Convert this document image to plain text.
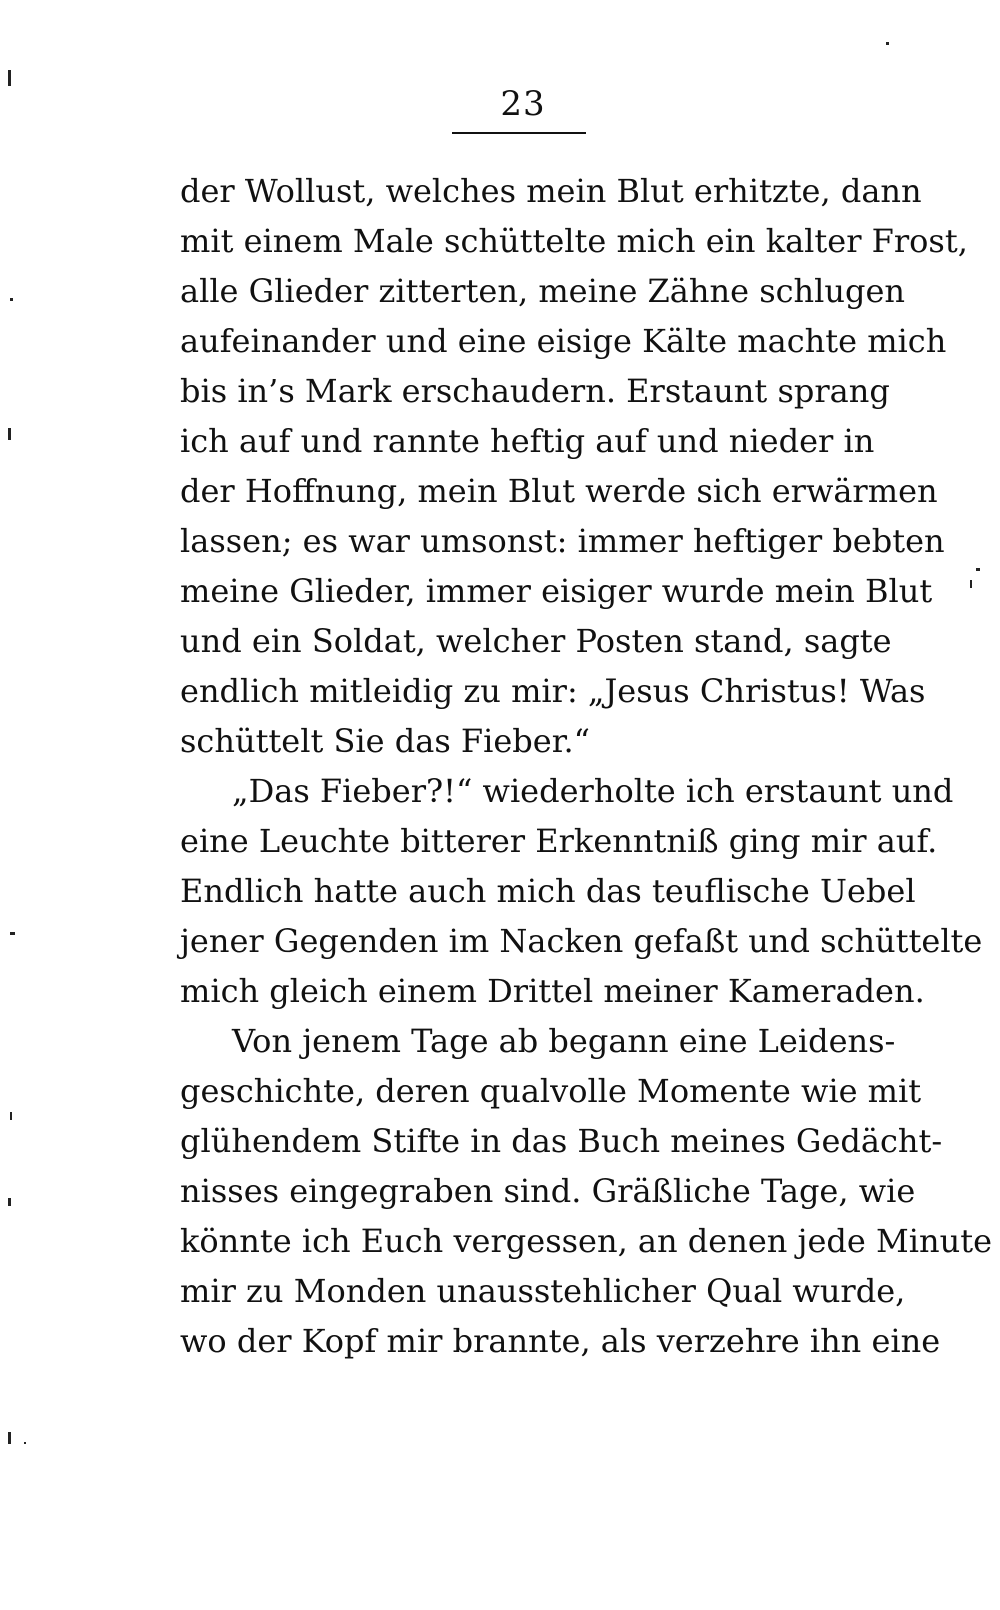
23
der Wollust, welches mein Blut erhitzte, dann
mit einem Male schüttelte mich ein kalter Frost,
alle Glieder zitterten, meine Zähne schlugen
aufeinander und eine eisige Kälte machte mich
bis in’s Mark erschaudern. Erstaunt sprang
ich auf und rannte heftig auf und nieder in
der Hoffnung, mein Blut werde sich erwärmen
lassen; es war umsonst: immer heftiger bebten
meine Glieder, immer eisiger wurde mein Blut
und ein Soldat, welcher Posten stand, sagte
endlich mitleidig zu mir: „Jesus Christus! Was
schüttelt Sie das Fieber.“
„Das Fieber?!“ wiederholte ich erstaunt und
eine Leuchte bitterer Erkenntniß ging mir auf.
Endlich hatte auch mich das teuflische Uebel
jener Gegenden im Nacken gefaßt und schüttelte
mich gleich einem Drittel meiner Kameraden.
Von jenem Tage ab begann eine Leidens-
geschichte, deren qualvolle Momente wie mit
glühendem Stifte in das Buch meines Gedächt-
nisses eingegraben sind. Gräßliche Tage, wie
könnte ich Euch vergessen, an denen jede Minute
mir zu Monden unausstehlicher Qual wurde,
wo der Kopf mir brannte, als verzehre ihn eine
